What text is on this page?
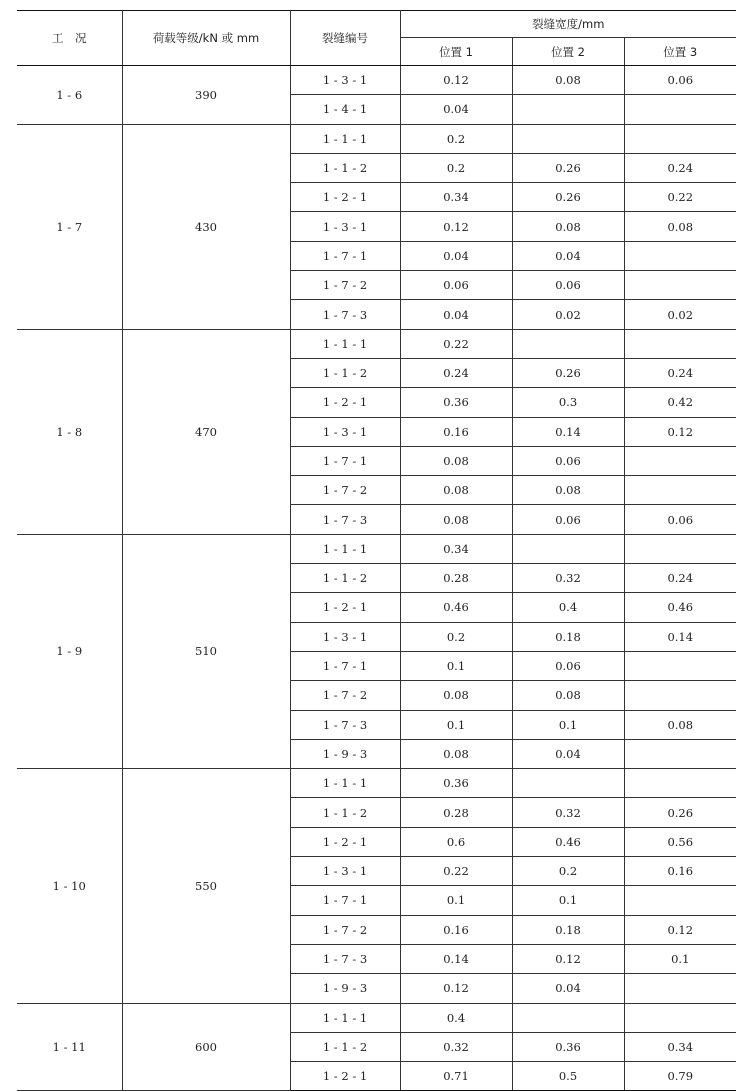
工　况	荷载等级/kN 或 mm	裂缝编号	裂缝宽度/mm		
			位置 1	位置 2	位置 3
1 - 6	390	1 - 3 - 1	0.12	0.08	0.06
		1 - 4 - 1	0.04		
1 - 7	430	1 - 1 - 1	0.2		
		1 - 1 - 2	0.2	0.26	0.24
		1 - 2 - 1	0.34	0.26	0.22
		1 - 3 - 1	0.12	0.08	0.08
		1 - 7 - 1	0.04	0.04	
		1 - 7 - 2	0.06	0.06	
		1 - 7 - 3	0.04	0.02	0.02
1 - 8	470	1 - 1 - 1	0.22		
		1 - 1 - 2	0.24	0.26	0.24
		1 - 2 - 1	0.36	0.3	0.42
		1 - 3 - 1	0.16	0.14	0.12
		1 - 7 - 1	0.08	0.06	
		1 - 7 - 2	0.08	0.08	
		1 - 7 - 3	0.08	0.06	0.06
1 - 9	510	1 - 1 - 1	0.34		
		1 - 1 - 2	0.28	0.32	0.24
		1 - 2 - 1	0.46	0.4	0.46
		1 - 3 - 1	0.2	0.18	0.14
		1 - 7 - 1	0.1	0.06	
		1 - 7 - 2	0.08	0.08	
		1 - 7 - 3	0.1	0.1	0.08
		1 - 9 - 3	0.08	0.04	
1 - 10	550	1 - 1 - 1	0.36		
		1 - 1 - 2	0.28	0.32	0.26
		1 - 2 - 1	0.6	0.46	0.56
		1 - 3 - 1	0.22	0.2	0.16
		1 - 7 - 1	0.1	0.1	
		1 - 7 - 2	0.16	0.18	0.12
		1 - 7 - 3	0.14	0.12	0.1
		1 - 9 - 3	0.12	0.04	
1 - 11	600	1 - 1 - 1	0.4		
		1 - 1 - 2	0.32	0.36	0.34
		1 - 2 - 1	0.71	0.5	0.79
